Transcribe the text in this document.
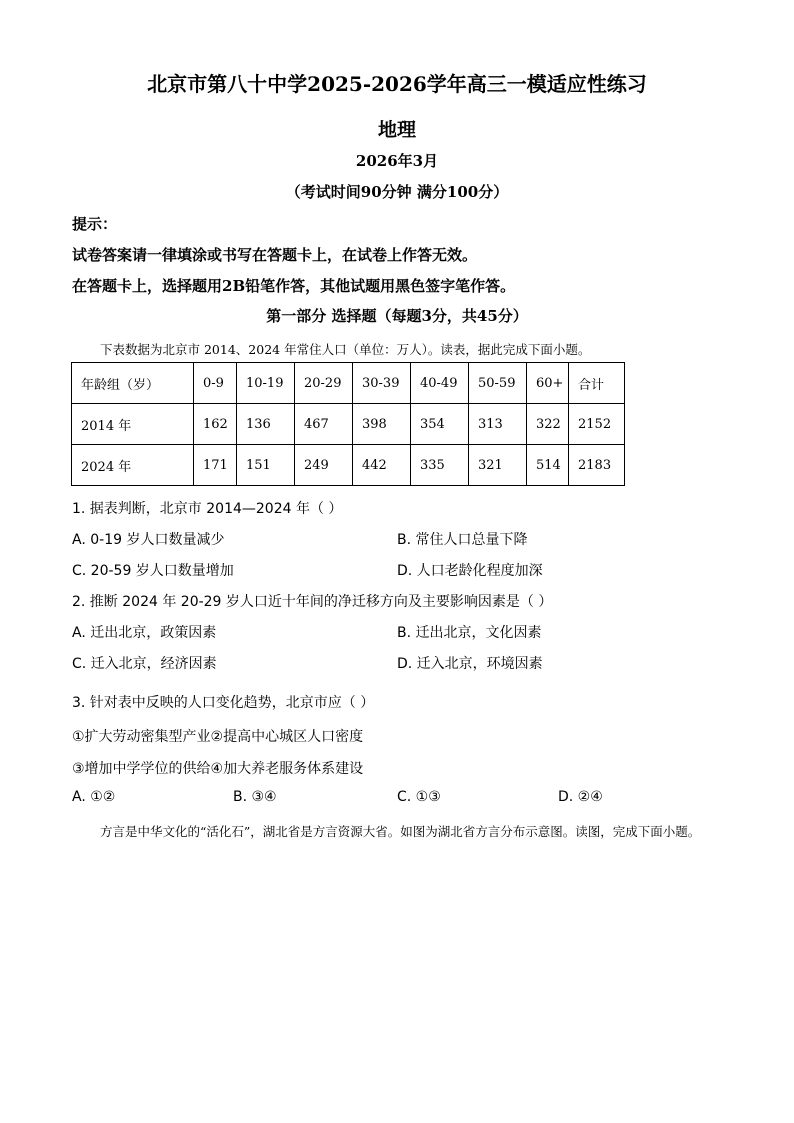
北京市第八十中学2025-2026学年高三一模适应性练习
地理
2026年3月
（考试时间90分钟 满分100分）
提示：
试卷答案请一律填涂或书写在答题卡上，在试卷上作答无效。
在答题卡上，选择题用2B铅笔作答，其他试题用黑色签字笔作答。
第一部分 选择题（每题3分，共45分）
下表数据为北京市 2014、2024 年常住人口（单位：万人）。读表，据此完成下面小题。
年龄组（岁）	0-9	10-19	20-29	30-39	40-49	50-59	60+	合计
2014 年	162	136	467	398	354	313	322	2152
2024 年	171	151	249	442	335	321	514	2183
1. 据表判断，北京市 2014—2024 年（ ）
A. 0-19 岁人口数量减少	B. 常住人口总量下降
C. 20-59 岁人口数量增加	D. 人口老龄化程度加深
2. 推断 2024 年 20-29 岁人口近十年间的净迁移方向及主要影响因素是（ ）
A. 迁出北京，政策因素	B. 迁出北京，文化因素
C. 迁入北京，经济因素	D. 迁入北京，环境因素
3. 针对表中反映的人口变化趋势，北京市应（ ）
①扩大劳动密集型产业②提高中心城区人口密度
③增加中学学位的供给④加大养老服务体系建设
A. ①②	B. ③④	C. ①③	D. ②④
方言是中华文化的“活化石”，湖北省是方言资源大省。如图为湖北省方言分布示意图。读图，完成下面小题。
